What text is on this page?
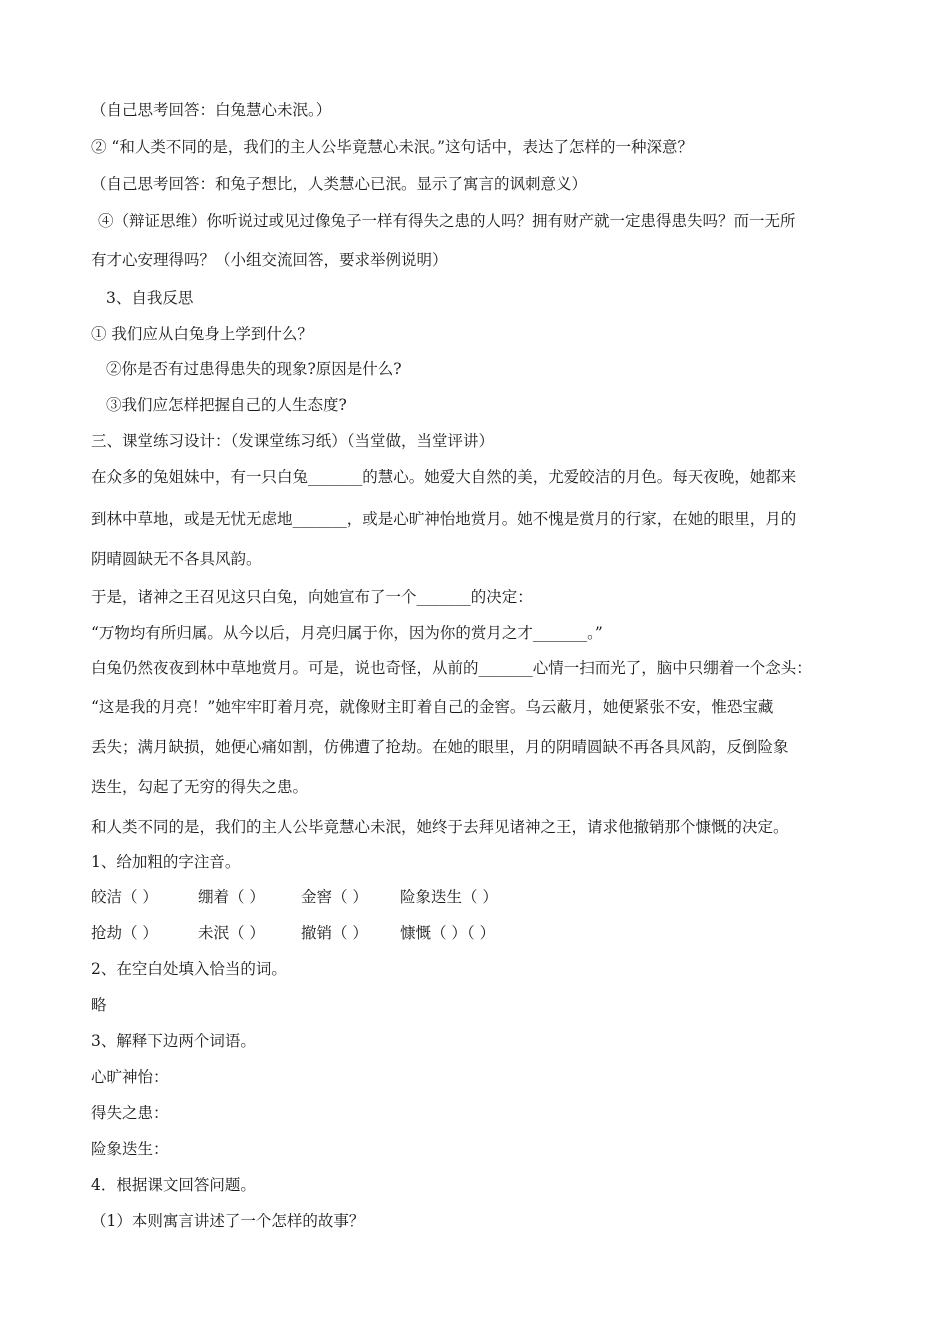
（自己思考回答：白兔慧心未泯。）
② “和人类不同的是，我们的主人公毕竟慧心未泯。”这句话中，表达了怎样的一种深意？
（自己思考回答：和兔子想比，人类慧心已泯。显示了寓言的讽刺意义）
④（辩证思维）你听说过或见过像兔子一样有得失之患的人吗？拥有财产就一定患得患失吗？而一无所
有才心安理得吗？（小组交流回答，要求举例说明）
3、自我反思
① 我们应从白兔身上学到什么？
②你是否有过患得患失的现象?原因是什么?
③我们应怎样把握自己的人生态度?
三、课堂练习设计：（发课堂练习纸）（当堂做，当堂评讲）
在众多的兔姐妹中，有一只白兔_______的慧心。她爱大自然的美，尤爱皎洁的月色。每天夜晚，她都来
到林中草地，或是无忧无虑地_______，或是心旷神怡地赏月。她不愧是赏月的行家，在她的眼里，月的
阴晴圆缺无不各具风韵。
于是，诸神之王召见这只白兔，向她宣布了一个_______的决定：
“万物均有所归属。从今以后，月亮归属于你，因为你的赏月之才_______。”
白兔仍然夜夜到林中草地赏月。可是，说也奇怪，从前的_______心情一扫而光了，脑中只绷着一个念头：
“这是我的月亮！”她牢牢盯着月亮，就像财主盯着自己的金窖。乌云蔽月，她便紧张不安，惟恐宝藏
丢失；满月缺损，她便心痛如割，仿佛遭了抢劫。在她的眼里，月的阴晴圆缺不再各具风韵，反倒险象
迭生，勾起了无穷的得失之患。
和人类不同的是，我们的主人公毕竟慧心未泯，她终于去拜见诸神之王，请求他撤销那个慷慨的决定。
1、给加粗的字注音。
皎洁（ ）	绷着（ ） 金窖（ ） 险象迭生（ ）
抢劫（ ）	未泯（ ） 撤销（ ） 慷慨（ ）（ ）
2、在空白处填入恰当的词。
略
3、解释下边两个词语。
心旷神怡：
得失之患：
险象迭生：
4．根据课文回答问题。
（1）本则寓言讲述了一个怎样的故事？
